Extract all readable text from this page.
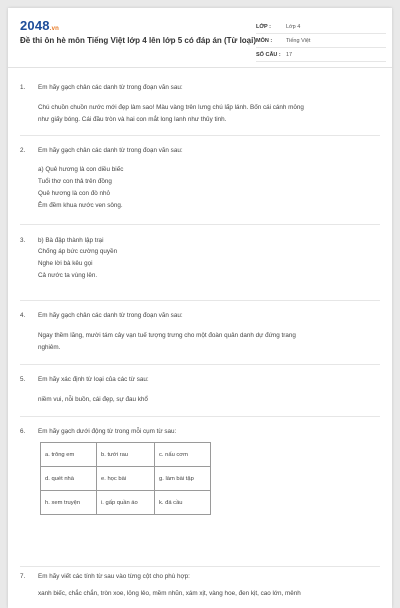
2048.vn
Đề thi ôn hè môn Tiếng Việt lớp 4 lên lớp 5 có đáp án (Từ loại)
LỚP :	Lớp 4
MÔN :	Tiếng Việt
SỐ CÂU : 17
1. Em hãy gạch chân các danh từ trong đoạn văn sau:
Chú chuồn chuồn nước mới đẹp làm sao! Màu vàng trên lưng chú lấp lánh. Bốn cái cánh mỏng
như giấy bóng. Cái đầu tròn và hai con mắt long lanh như thủy tinh.
2. Em hãy gạch chân các danh từ trong đoạn văn sau:
a) Quê hương là con diều biếc
Tuổi thơ con thả trên đồng
Quê hương là con đò nhỏ
Êm đềm khua nước ven sông.
3. b) Bà đập thành lập trại
Chống áp bức cường quyền
Nghe lời bà kêu gọi
Cả nước ta vùng lên.
4. Em hãy gạch chân các danh từ trong đoạn văn sau:
Ngay thềm lăng, mười tám cây vạn tuế tượng trưng cho một đoàn quân danh dự đứng trang
nghiêm.
5. Em hãy xác định từ loại của các từ sau:
niềm vui, nỗi buồn, cái đẹp, sự đau khổ
6. Em hãy gạch dưới động từ trong mỗi cụm từ sau:
a. trông em	b. tưới rau	c. nấu cơm
d. quét nhà	e. học bài	g. làm bài tập
h. xem truyện	i. gấp quần áo	k. đá cầu
7. Em hãy viết các tính từ sau vào từng cột cho phù hợp:
xanh biếc, chắc chắn, tròn xoe, lỏng lẻo, mềm nhũn, xám xịt, vàng hoe, đen kịt, cao lớn, mênh
